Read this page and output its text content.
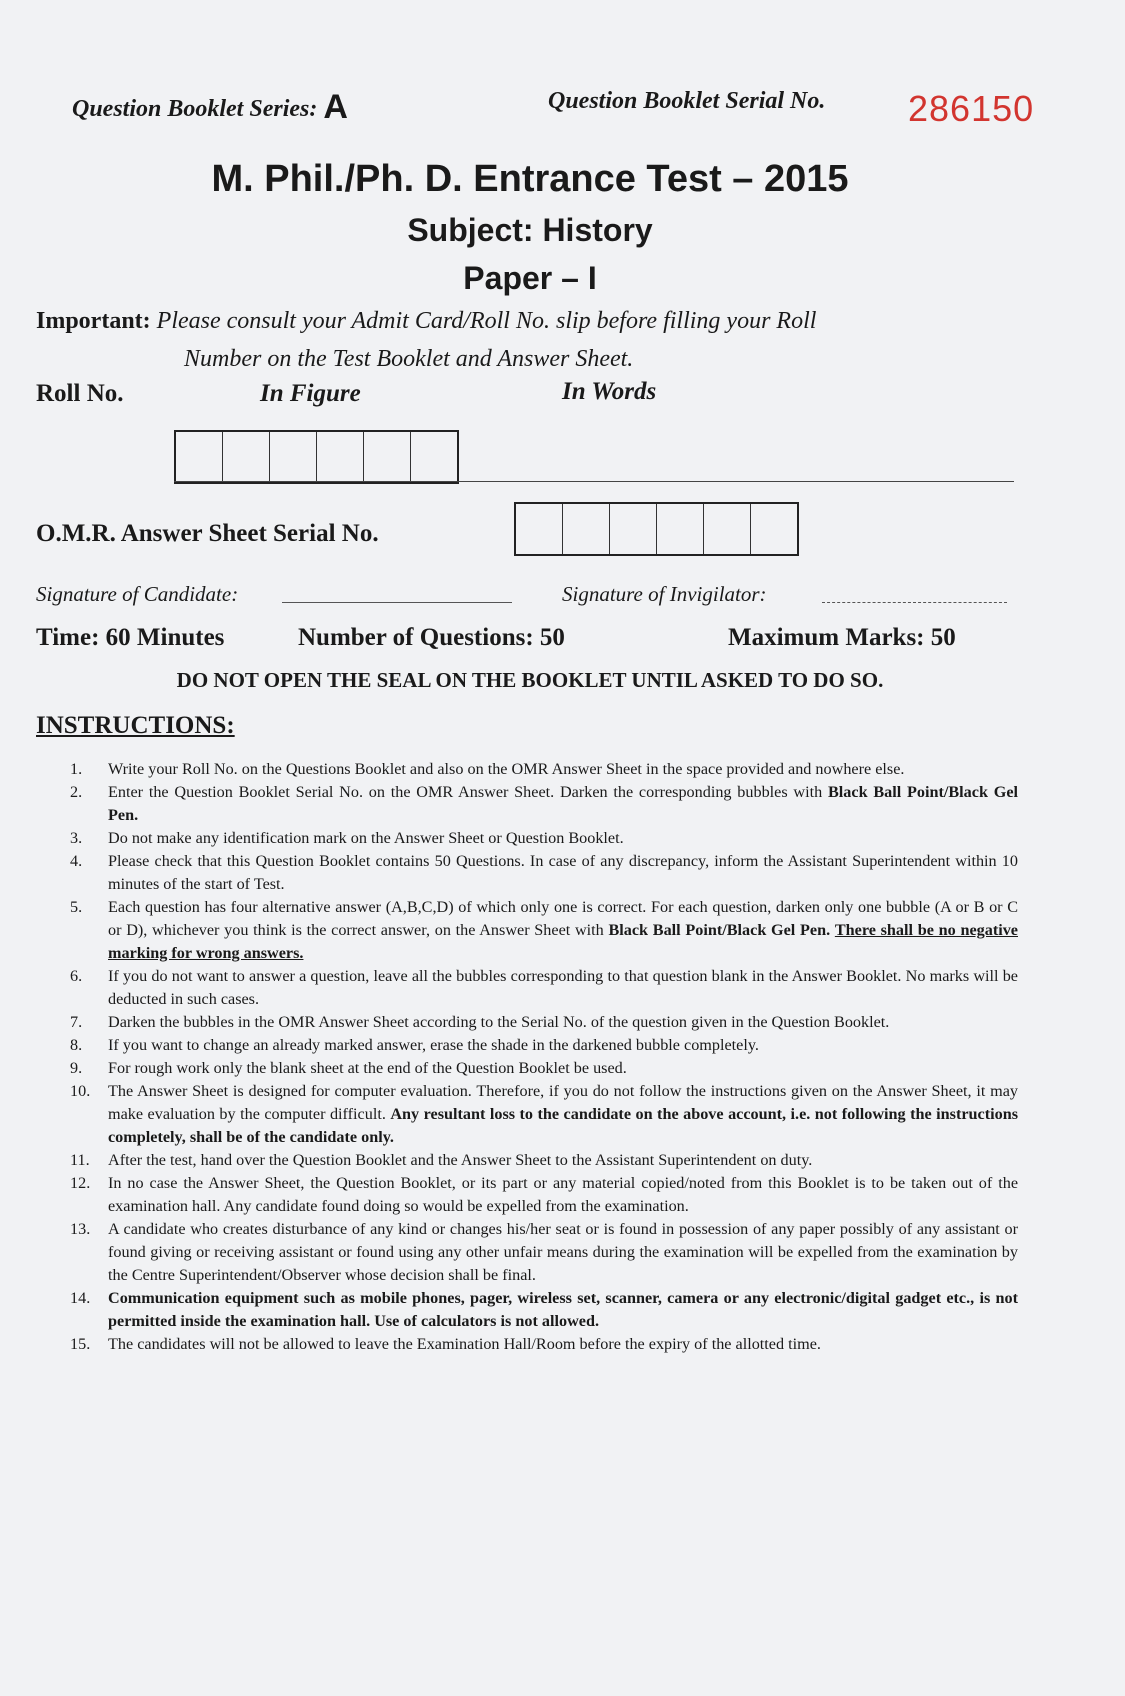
Question Booklet Series: A	Question Booklet Serial No. 286150
M. Phil./Ph. D. Entrance Test – 2015
Subject: History
Paper – I
Important: Please consult your Admit Card/Roll No. slip before filling your Roll
Number on the Test Booklet and Answer Sheet.
Roll No.	In Figure	In Words
O.M.R. Answer Sheet Serial No.
Signature of Candidate:	Signature of Invigilator:
Time: 60 Minutes	Number of Questions: 50	Maximum Marks: 50
DO NOT OPEN THE SEAL ON THE BOOKLET UNTIL ASKED TO DO SO.
INSTRUCTIONS:
1.	Write your Roll No. on the Questions Booklet and also on the OMR Answer Sheet in the space provided and nowhere else.
2.	Enter the Question Booklet Serial No. on the OMR Answer Sheet. Darken the corresponding bubbles with Black Ball Point/Black Gel Pen.
3.	Do not make any identification mark on the Answer Sheet or Question Booklet.
4.	Please check that this Question Booklet contains 50 Questions. In case of any discrepancy, inform the Assistant Superintendent within 10 minutes of the start of Test.
5.	Each question has four alternative answer (A,B,C,D) of which only one is correct. For each question, darken only one bubble (A or B or C or D), whichever you think is the correct answer, on the Answer Sheet with Black Ball Point/Black Gel Pen. There shall be no negative marking for wrong answers.
6.	If you do not want to answer a question, leave all the bubbles corresponding to that question blank in the Answer Booklet. No marks will be deducted in such cases.
7.	Darken the bubbles in the OMR Answer Sheet according to the Serial No. of the question given in the Question Booklet.
8.	If you want to change an already marked answer, erase the shade in the darkened bubble completely.
9.	For rough work only the blank sheet at the end of the Question Booklet be used.
10.	The Answer Sheet is designed for computer evaluation. Therefore, if you do not follow the instructions given on the Answer Sheet, it may make evaluation by the computer difficult. Any resultant loss to the candidate on the above account, i.e. not following the instructions completely, shall be of the candidate only.
11.	After the test, hand over the Question Booklet and the Answer Sheet to the Assistant Superintendent on duty.
12.	In no case the Answer Sheet, the Question Booklet, or its part or any material copied/noted from this Booklet is to be taken out of the examination hall. Any candidate found doing so would be expelled from the examination.
13.	A candidate who creates disturbance of any kind or changes his/her seat or is found in possession of any paper possibly of any assistant or found giving or receiving assistant or found using any other unfair means during the examination will be expelled from the examination by the Centre Superintendent/Observer whose decision shall be final.
14.	Communication equipment such as mobile phones, pager, wireless set, scanner, camera or any electronic/digital gadget etc., is not permitted inside the examination hall. Use of calculators is not allowed.
15.	The candidates will not be allowed to leave the Examination Hall/Room before the expiry of the allotted time.
